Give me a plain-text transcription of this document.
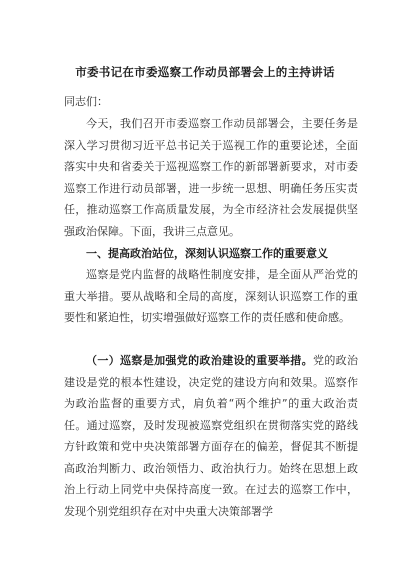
市委书记在市委巡察工作动员部署会上的主持讲话
同志们：
今天，我们召开市委巡察工作动员部署会，主要任务是深入学习贯彻习近平总书记关于巡视工作的重要论述，全面落实中央和省委关于巡视巡察工作的新部署新要求，对市委巡察工作进行动员部署，进一步统一思想、明确任务压实责任，推动巡察工作高质量发展，为全市经济社会发展提供坚强政治保障。下面，我讲三点意见。
一、提高政治站位，深刻认识巡察工作的重要意义
巡察是党内监督的战略性制度安排，是全面从严治党的重大举措。要从战略和全局的高度，深刻认识巡察工作的重要性和紧迫性，切实增强做好巡察工作的责任感和使命感。
（一）巡察是加强党的政治建设的重要举措。党的政治建设是党的根本性建设，决定党的建设方向和效果。巡察作为政治监督的重要方式，肩负着“两个维护”的重大政治责任。通过巡察，及时发现被巡察党组织在贯彻落实党的路线方针政策和党中央决策部署方面存在的偏差，督促其不断提高政治判断力、政治领悟力、政治执行力。始终在思想上政治上行动上同党中央保持高度一致。在过去的巡察工作中，发现个别党组织存在对中央重大决策部署学
